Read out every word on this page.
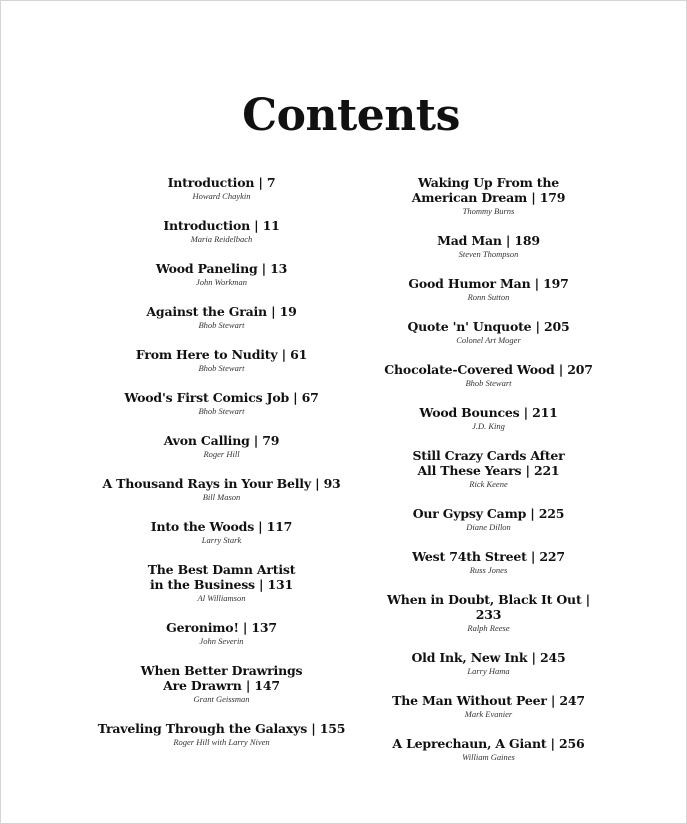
Contents
Introduction | 7
Howard Chaykin
Introduction | 11
Maria Reidelbach
Wood Paneling | 13
John Workman
Against the Grain | 19
Bhob Stewart
From Here to Nudity | 61
Bhob Stewart
Wood's First Comics Job | 67
Bhob Stewart
Avon Calling | 79
Roger Hill
A Thousand Rays in Your Belly | 93
Bill Mason
Into the Woods | 117
Larry Stark
The Best Damn Artist
in the Business | 131
Al Williamson
Geronimo! | 137
John Severin
When Better Drawrings
Are Drawrn | 147
Grant Geissman
Traveling Through the Galaxys | 155
Roger Hill with Larry Niven
Waking Up From the
American Dream | 179
Thommy Burns
Mad Man | 189
Steven Thompson
Good Humor Man | 197
Ronn Sutton
Quote 'n' Unquote | 205
Colonel Art Moger
Chocolate-Covered Wood | 207
Bhob Stewart
Wood Bounces | 211
J.D. King
Still Crazy Cards After
All These Years | 221
Rick Keene
Our Gypsy Camp | 225
Diane Dillon
West 74th Street | 227
Russ Jones
When in Doubt, Black It Out | 233
Ralph Reese
Old Ink, New Ink | 245
Larry Hama
The Man Without Peer | 247
Mark Evanier
A Leprechaun, A Giant | 256
William Gaines
